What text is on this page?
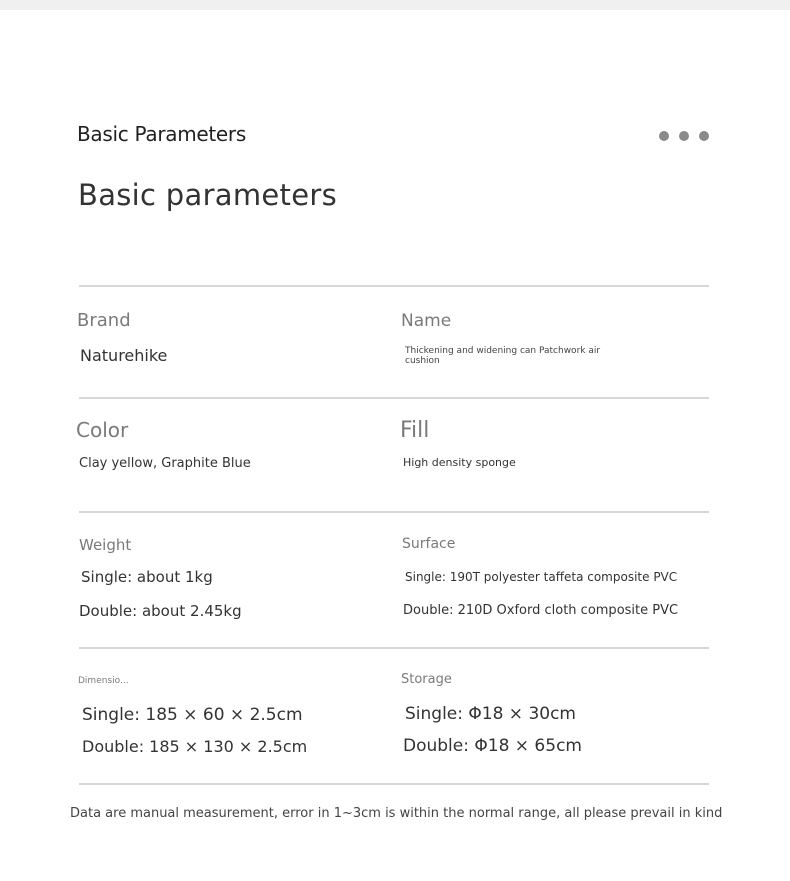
Basic Parameters
Basic parameters
Brand
Naturehike
Name
Thickening and widening can Patchwork air
cushion
Color
Clay yellow, Graphite Blue
Fill
High density sponge
Weight
Single: about 1kg
Double: about 2.45kg
Surface
Single: 190T polyester taffeta composite PVC
Double: 210D Oxford cloth composite PVC
Dimensio...
Single: 185 × 60 × 2.5cm
Double: 185 × 130 × 2.5cm
Storage
Single: Φ18 × 30cm
Double: Φ18 × 65cm
Data are manual measurement, error in 1~3cm is within the normal range, all please prevail in kind
